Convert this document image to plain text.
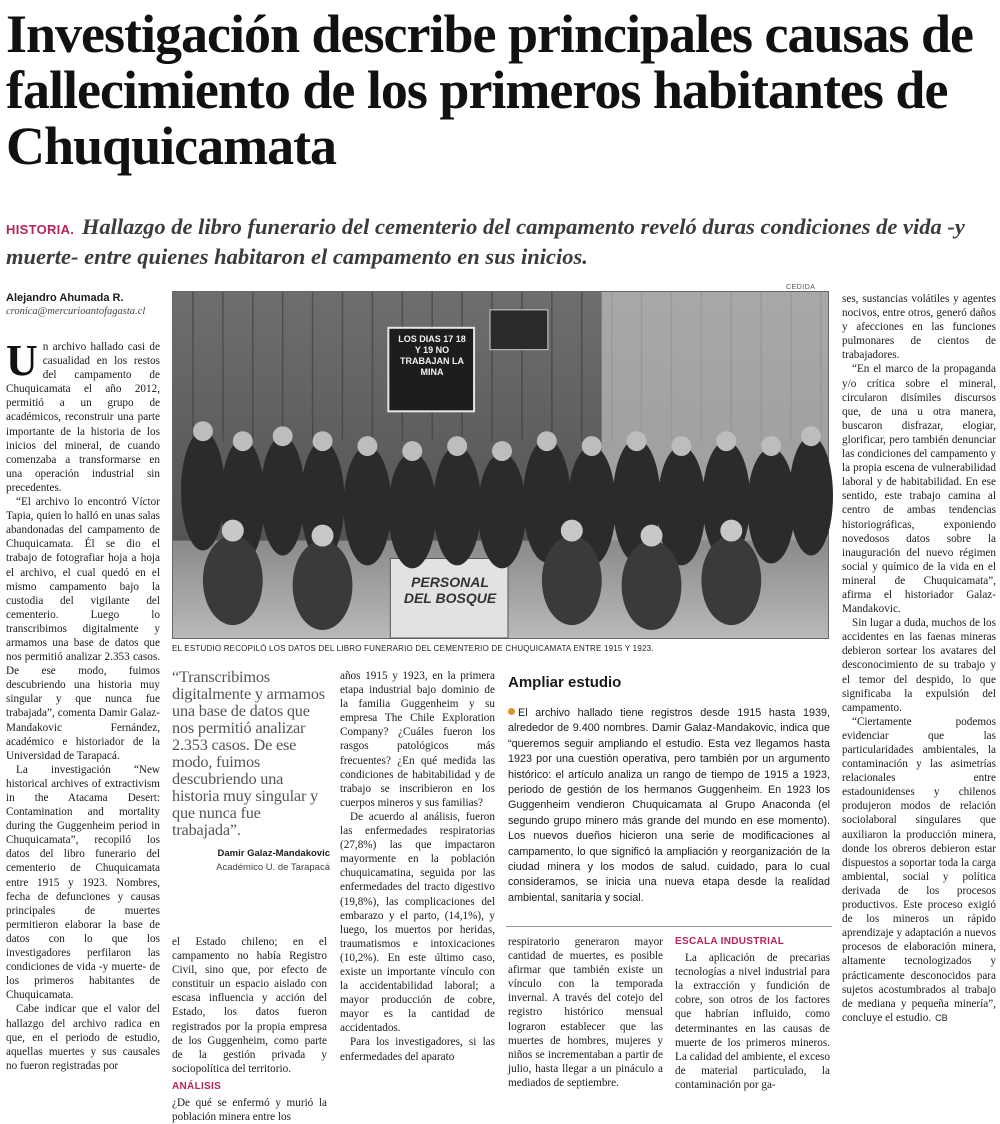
Investigación describe principales causas de fallecimiento de los primeros habitantes de Chuquicamata
HISTORIA. Hallazgo de libro funerario del cementerio del campamento reveló duras condiciones de vida -y muerte- entre quienes habitaron el campamento en sus inicios.
Alejandro Ahumada R.
cronica@mercurioantofagasta.cl
CEDIDA
LOS DIAS 17 18 Y 19 NO TRABAJAN LA MINA
PERSONAL DEL BOSQUE
EL ESTUDIO RECOPILÓ LOS DATOS DEL LIBRO FUNERARIO DEL CEMENTERIO DE CHUQUICAMATA ENTRE 1915 Y 1923.

Un archivo hallado casi de casualidad en los restos del campamento de Chuquicamata el año 2012, permitió a un grupo de académicos, reconstruir una parte importante de la historia de los inicios del mineral, de cuando comenzaba a transformarse en una operación industrial sin precedentes.

“El archivo lo encontró Víctor Tapia, quien lo halló en unas salas abandonadas del campamento de Chuquicamata. Él se dio el trabajo de fotografiar hoja a hoja el archivo, el cual quedó en el mismo campamento bajo la custodia del vigilante del cementerio. Luego lo transcribimos digitalmente y armamos una base de datos que nos permitió analizar 2.353 casos. De ese modo, fuimos descubriendo una historia muy singular y que nunca fue trabajada”, comenta Damir Galaz-Mandakovic Fernández, académico e historiador de la Universidad de Tarapacá.

La investigación “New historical archives of extractivism in the Atacama Desert: Contamination and mortality during the Guggenheim period in Chuquicamata”, recopiló los datos del libro funerario del cementerio de Chuquicamata entre 1915 y 1923. Nombres, fecha de defunciones y causas principales de muertes permitieron elaborar la base de datos con lo que los investigadores perfilaron las condiciones de vida -y muerte- de los primeros habitantes de Chuquicamata.

Cabe indicar que el valor del hallazgo del archivo radica en que, en el periodo de estudio, aquellas muertes y sus causales no fueron registradas por

“Transcribimos digitalmente y armamos una base de datos que nos permitió analizar 2.353 casos. De ese modo, fuimos descubriendo una historia muy singular y que nunca fue trabajada”.
Damir Galaz-Mandakovic
Académico U. de Tarapacá

el Estado chileno; en el campamento no había Registro Civil, sino que, por efecto de constituir un espacio aislado con escasa influencia y acción del Estado, los datos fueron registrados por la propia empresa de los Guggenheim, como parte de la gestión privada y sociopolítica del territorio.

ANÁLISIS

¿De qué se enfermó y murió la población minera entre los

años 1915 y 1923, en la primera etapa industrial bajo dominio de la familia Guggenheim y su empresa The Chile Exploration Company? ¿Cuáles fueron los rasgos patológicos más frecuentes? ¿En qué medida las condiciones de habitabilidad y de trabajo se inscribieron en los cuerpos mineros y sus familias?

De acuerdo al análisis, fueron las enfermedades respiratorias (27,8%) las que impactaron mayormente en la población chuquicamatina, seguida por las enfermedades del tracto digestivo (19,8%), las complicaciones del embarazo y el parto, (14,1%), y luego, los muertos por heridas, traumatismos e intoxicaciones (10,2%). En este último caso, existe un importante vínculo con la accidentabilidad laboral; a mayor producción de cobre, mayor es la cantidad de accidentados.

Para los investigadores, si las enfermedades del aparato

Ampliar estudio
El archivo hallado tiene registros desde 1915 hasta 1939, alrededor de 9.400 nombres. Damir Galaz-Mandakovic, indica que “queremos seguir ampliando el estudio. Esta vez llegamos hasta 1923 por una cuestión operativa, pero también por un argumento histórico: el artículo analiza un rango de tiempo de 1915 a 1923, periodo de gestión de los hermanos Guggenheim. En 1923 los Guggenheim vendieron Chuquicamata al Grupo Anaconda (el segundo grupo minero más grande del mundo en ese momento). Los nuevos dueños hicieron una serie de modificaciones al campamento, lo que significó la ampliación y reorganización de la ciudad minera y los modos de salud. cuidado, para lo cual consideramos, se inicia una nueva etapa desde la realidad ambiental, sanitaria y social.

respiratorio generaron mayor cantidad de muertes, es posible afirmar que también existe un vínculo con la temporada invernal. A través del cotejo del registro histórico mensual lograron establecer que las muertes de hombres, mujeres y niños se incrementaban a partir de julio, hasta llegar a un pináculo a mediados de septiembre.

ESCALA INDUSTRIAL

La aplicación de precarias tecnologías a nivel industrial para la extracción y fundición de cobre, son otros de los factores que habrían influido, como determinantes en las causas de muerte de los primeros mineros. La calidad del ambiente, el exceso de material particulado, la contaminación por ga-

ses, sustancias volátiles y agentes nocivos, entre otros, generó daños y afecciones en las funciones pulmonares de cientos de trabajadores.

“En el marco de la propaganda y/o crítica sobre el mineral, circularon disímiles discursos que, de una u otra manera, buscaron disfrazar, elogiar, glorificar, pero también denunciar las condiciones del campamento y la propia escena de vulnerabilidad laboral y de habitabilidad. En ese sentido, este trabajo camina al centro de ambas tendencias historiográficas, exponiendo novedosos datos sobre la inauguración del nuevo régimen social y químico de la vida en el mineral de Chuquicamata”, afirma el historiador Galaz-Mandakovic.

Sin lugar a duda, muchos de los accidentes en las faenas mineras debieron sortear los avatares del desconocimiento de su trabajo y el temor del despido, lo que significaba la expulsión del campamento.

“Ciertamente podemos evidenciar que las particularidades ambientales, la contaminación y las asimetrías relacionales entre estadounidenses y chilenos produjeron modos de relación sociolaboral singulares que auxiliaron la producción minera, donde los obreros debieron estar dispuestos a soportar toda la carga ambiental, social y política derivada de los procesos productivos. Este proceso exigió de los mineros un rápido aprendizaje y adaptación a nuevos procesos de elaboración minera, altamente tecnologizados y prácticamente desconocidos para sujetos acostumbrados al trabajo de mediana y pequeña minería”, concluye el estudio. CB
